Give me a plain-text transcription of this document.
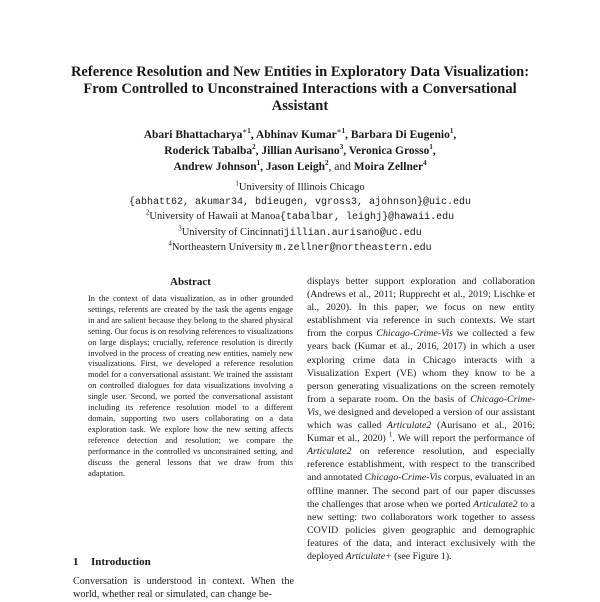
Reference Resolution and New Entities in Exploratory Data Visualization:
From Controlled to Unconstrained Interactions with a Conversational
Assistant
Abari Bhattacharya$^{∗1}$, Abhinav Kumar$^{∗1}$, Barbara Di Eugenio$^1$,
Roderick Tabalba$^2$, Jillian Aurisano$^3$, Veronica Grosso$^1$,
Andrew Johnson$^1$, Jason Leigh$^2$, and Moira Zellner$^4$
$^1$University of Illinois Chicago
{abhatt62, akumar34, bdieugen, vgross3, ajohnson}@uic.edu
$^2$University of Hawaii at Manoa{tabalbar, leighj}@hawaii.edu
$^3$University of Cincinnatijillian.aurisano@uc.edu
$^4$Northeastern University m.zellner@northeastern.edu
Abstract

In the context of data visualization, as in other grounded settings, referents are created by the task the agents engage in and are salient because they belong to the shared physical setting. Our focus is on resolving references to visualizations on large displays; crucially, reference resolution is directly involved in the process of creating new entities, namely new visualizations. First, we developed a reference resolution model for a conversational assistant. We trained the assistant on controlled dialogues for data visualizations involving a single user. Second, we ported the conversational assistant including its reference resolution model to a different domain, supporting two users collaborating on a data exploration task. We explore how the new setting affects reference detection and resolution; we compare the performance in the controlled vs unconstrained setting, and discuss the general lessons that we draw from this adaptation.

1 Introduction

Conversation is understood in context. When the world, whether real or simulated, can change be-

displays better support exploration and collaboration (Andrews et al., 2011; Rupprecht et al., 2019; Lischke et al., 2020). In this paper, we focus on new entity establishment via reference in such contexts. We start from the corpus Chicago-Crime-Vis we collected a few years back (Kumar et al., 2016, 2017) in which a user exploring crime data in Chicago interacts with a Visualization Expert (VE) whom they know to be a person generating visualizations on the screen remotely from a separate room. On the basis of Chicago-Crime-Vis, we designed and developed a version of our assistant which was called Articulate2 (Aurisano et al., 2016; Kumar et al., 2020) $^1$. We will report the performance of Articulate2 on reference resolution, and especially reference establishment, with respect to the transcribed and annotated Chicago-Crime-Vis corpus, evaluated in an offline manner. The second part of our paper discusses the challenges that arose when we ported Articulate2 to a new setting: two collaborators work together to assess COVID policies given geographic and demographic features of the data, and interact exclusively with the deployed Articulate+ (see Figure 1).
